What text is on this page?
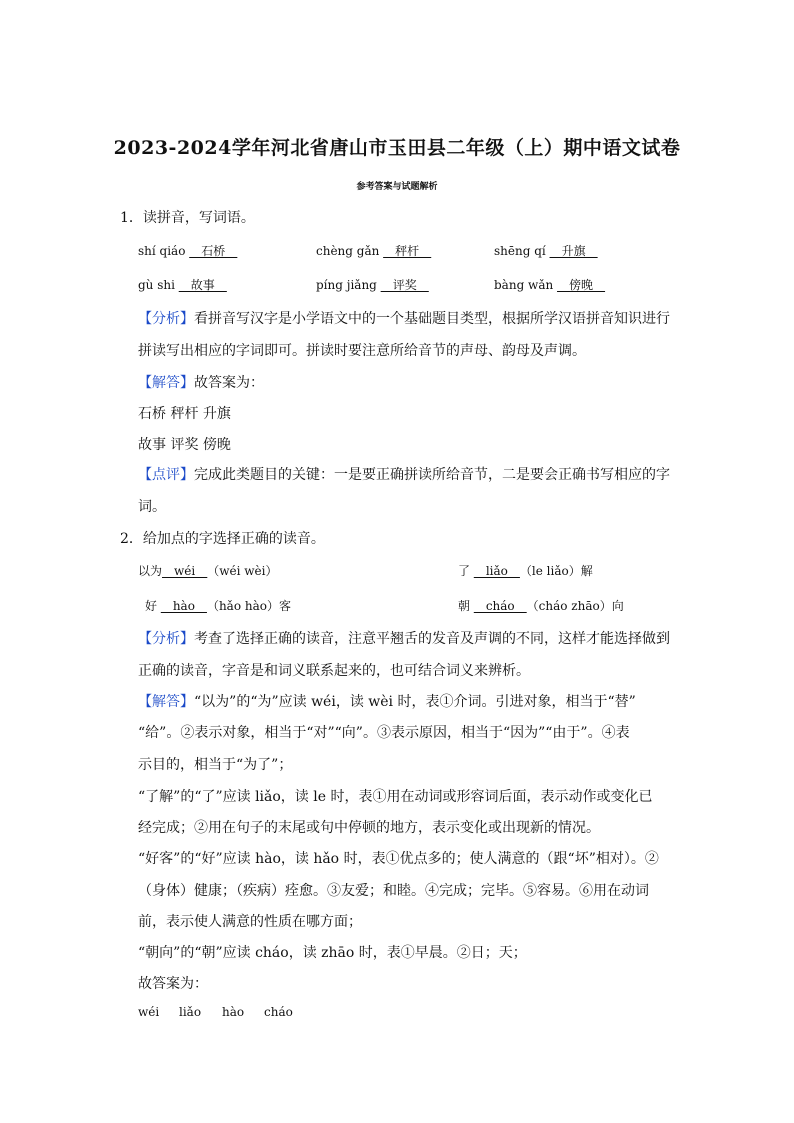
2023-2024学年河北省唐山市玉田县二年级（上）期中语文试卷
参考答案与试题解析
1．读拼音，写词语。
shí qiáo __石桥__	chèng gǎn __秤杆__	shēng qí __升旗__
gù shi __故事__	píng jiǎng __评奖__	bàng wǎn __傍晚__
【分析】看拼音写汉字是小学语文中的一个基础题目类型，根据所学汉语拼音知识进行
拼读写出相应的字词即可。拼读时要注意所给音节的声母、韵母及声调。
【解答】故答案为：
石桥 秤杆 升旗
故事 评奖 傍晚
【点评】完成此类题目的关键：一是要正确拼读所给音节，二是要会正确书写相应的字
词。
2．给加点的字选择正确的读音。
以为__wéi__（wéi wèi）	了 __liǎo__（le liǎo）解
好 __hào__（hǎo hào）客	朝 __cháo__（cháo zhāo）向
【分析】考查了选择正确的读音，注意平翘舌的发音及声调的不同，这样才能选择做到
正确的读音，字音是和词义联系起来的，也可结合词义来辨析。
【解答】“以为”的“为”应读 wéi，读 wèi 时，表①介词。引进对象，相当于“替”
“给”。②表示对象，相当于“对”“向”。③表示原因，相当于“因为”“由于”。④表
示目的，相当于“为了”；
“了解”的“了”应读 liǎo，读 le 时，表①用在动词或形容词后面，表示动作或变化已
经完成；②用在句子的末尾或句中停顿的地方，表示变化或出现新的情况。
“好客”的“好”应读 hào，读 hǎo 时，表①优点多的；使人满意的（跟“坏”相对）。②
（身体）健康；（疾病）痊愈。③友爱；和睦。④完成；完毕。⑤容易。⑥用在动词
前，表示使人满意的性质在哪方面；
“朝向”的“朝”应读 cháo，读 zhāo 时，表①早晨。②日；天；
故答案为：
wéi liǎo hào cháo
